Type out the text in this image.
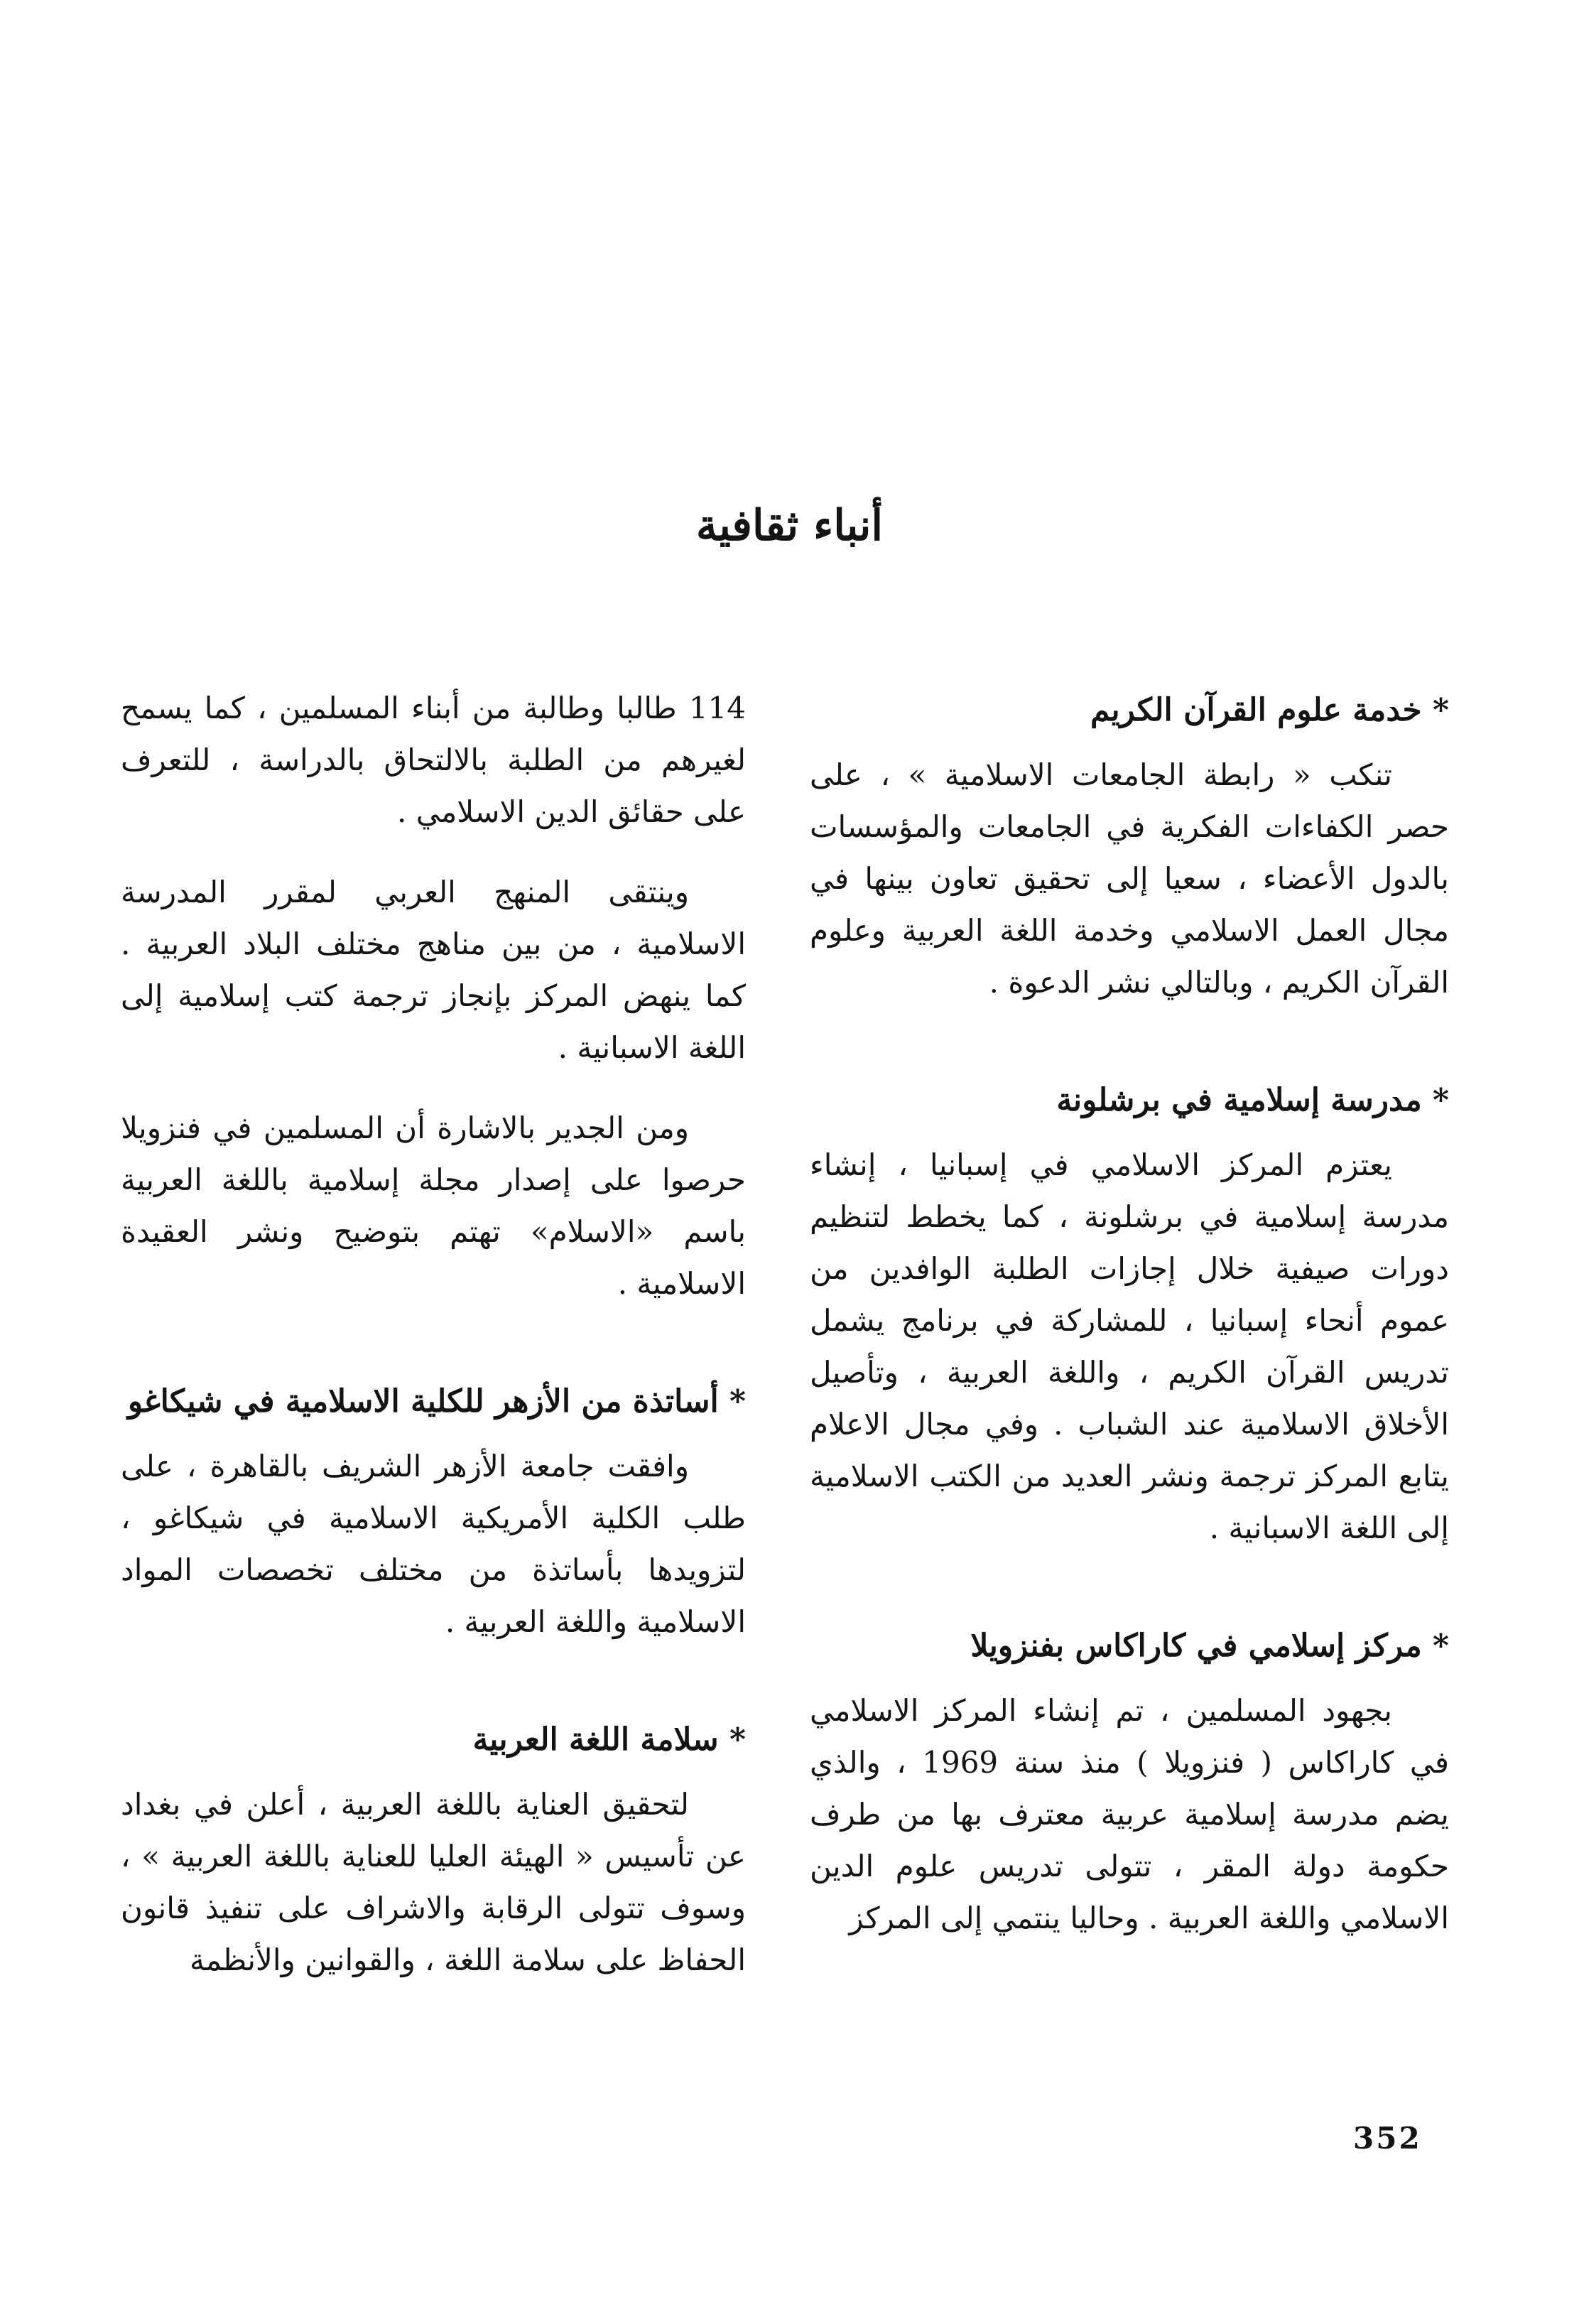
أنباء ثقافية
* خدمة علوم القرآن الكريم

تنكب « رابطة الجامعات الاسلامية » ، على حصر الكفاءات الفكرية في الجامعات والمؤسسات بالدول الأعضاء ، سعيا إلى تحقيق تعاون بينها في مجال العمل الاسلامي وخدمة اللغة العربية وعلوم القرآن الكريم ، وبالتالي نشر الدعوة .

* مدرسة إسلامية في برشلونة

يعتزم المركز الاسلامي في إسبانيا ، إنشاء مدرسة إسلامية في برشلونة ، كما يخطط لتنظيم دورات صيفية خلال إجازات الطلبة الوافدين من عموم أنحاء إسبانيا ، للمشاركة في برنامج يشمل تدريس القرآن الكريم ، واللغة العربية ، وتأصيل الأخلاق الاسلامية عند الشباب . وفي مجال الاعلام يتابع المركز ترجمة ونشر العديد من الكتب الاسلامية إلى اللغة الاسبانية .

* مركز إسلامي في كاراكاس بفنزويلا

بجهود المسلمين ، تم إنشاء المركز الاسلامي في كاراكاس ( فنزويلا ) منذ سنة 1969 ، والذي يضم مدرسة إسلامية عربية معترف بها من طرف حكومة دولة المقر ، تتولى تدريس علوم الدين الاسلامي واللغة العربية . وحاليا ينتمي إلى المركز

114 طالبا وطالبة من أبناء المسلمين ، كما يسمح لغيرهم من الطلبة بالالتحاق بالدراسة ، للتعرف على حقائق الدين الاسلامي .

وينتقى المنهج العربي لمقرر المدرسة الاسلامية ، من بين مناهج مختلف البلاد العربية . كما ينهض المركز بإنجاز ترجمة كتب إسلامية إلى اللغة الاسبانية .

ومن الجدير بالاشارة أن المسلمين في فنزويلا حرصوا على إصدار مجلة إسلامية باللغة العربية باسم «الاسلام» تهتم بتوضيح ونشر العقيدة الاسلامية .

* أساتذة من الأزهر للكلية الاسلامية في شيكاغو

وافقت جامعة الأزهر الشريف بالقاهرة ، على طلب الكلية الأمريكية الاسلامية في شيكاغو ، لتزويدها بأساتذة من مختلف تخصصات المواد الاسلامية واللغة العربية .

* سلامة اللغة العربية

لتحقيق العناية باللغة العربية ، أعلن في بغداد عن تأسيس « الهيئة العليا للعناية باللغة العربية » ، وسوف تتولى الرقابة والاشراف على تنفيذ قانون الحفاظ على سلامة اللغة ، والقوانين والأنظمة

352
